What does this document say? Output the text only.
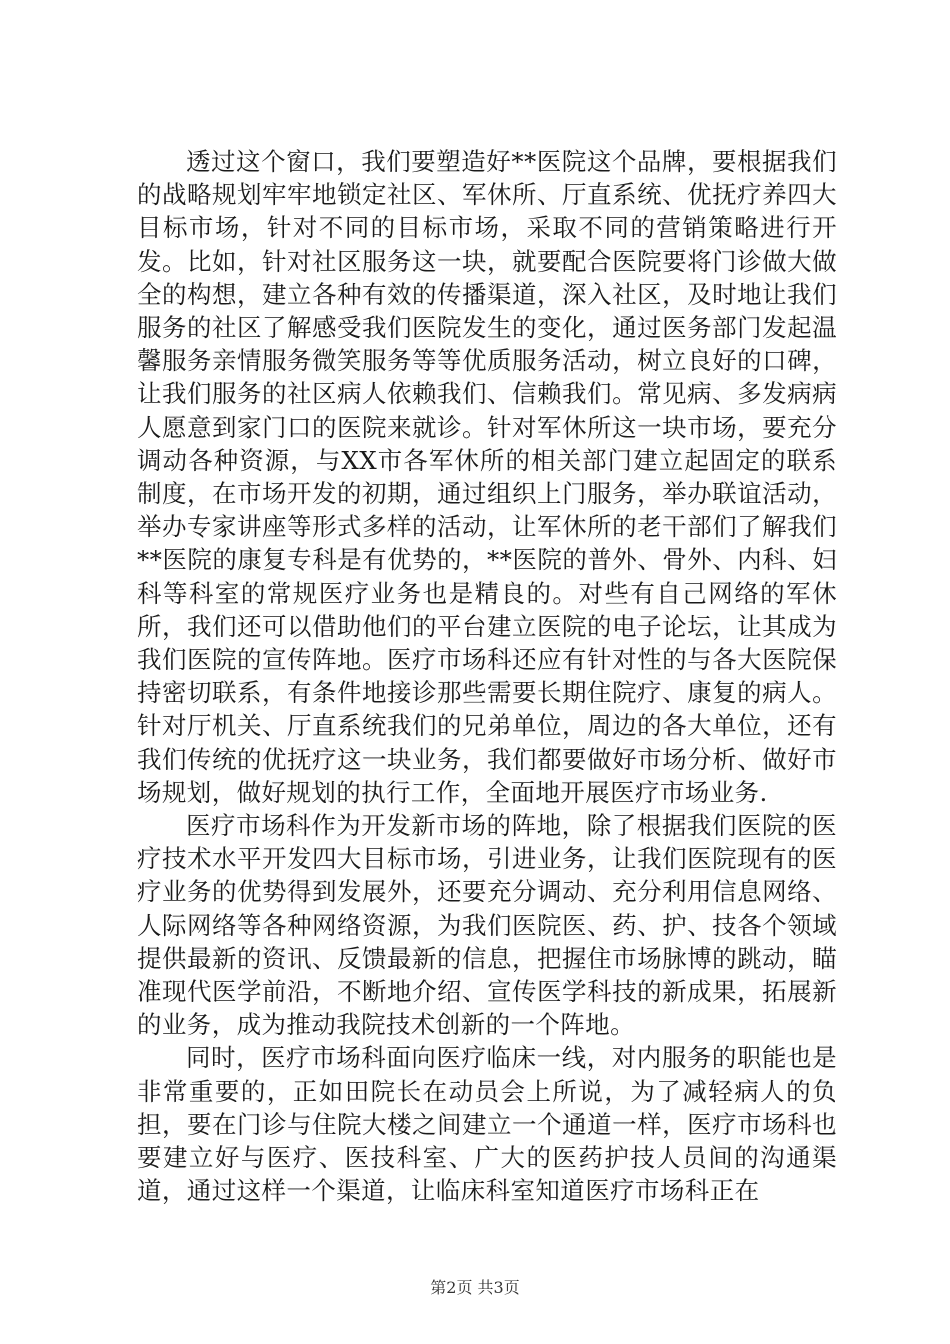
透过这个窗口，我们要塑造好**医院这个品牌，要根据我们的战略规划牢牢地锁定社区、军休所、厅直系统、优抚疗养四大目标市场，针对不同的目标市场，采取不同的营销策略进行开发。比如，针对社区服务这一块，就要配合医院要将门诊做大做全的构想，建立各种有效的传播渠道，深入社区，及时地让我们服务的社区了解感受我们医院发生的变化，通过医务部门发起温馨服务亲情服务微笑服务等等优质服务活动，树立良好的口碑，让我们服务的社区病人依赖我们、信赖我们。常见病、多发病病人愿意到家门口的医院来就诊。针对军休所这一块市场，要充分调动各种资源，与XX市各军休所的相关部门建立起固定的联系制度，在市场开发的初期，通过组织上门服务，举办联谊活动，举办专家讲座等形式多样的活动，让军休所的老干部们了解我们**医院的康复专科是有优势的，**医院的普外、骨外、内科、妇科等科室的常规医疗业务也是精良的。对些有自己网络的军休所，我们还可以借助他们的平台建立医院的电子论坛，让其成为我们医院的宣传阵地。医疗市场科还应有针对性的与各大医院保持密切联系，有条件地接诊那些需要长期住院疗、康复的病人。针对厅机关、厅直系统我们的兄弟单位，周边的各大单位，还有我们传统的优抚疗这一块业务，我们都要做好市场分析、做好市场规划，做好规划的执行工作，全面地开展医疗市场业务.

医疗市场科作为开发新市场的阵地，除了根据我们医院的医疗技术水平开发四大目标市场，引进业务，让我们医院现有的医疗业务的优势得到发展外，还要充分调动、充分利用信息网络、人际网络等各种网络资源，为我们医院医、药、护、技各个领域提供最新的资讯、反馈最新的信息，把握住市场脉博的跳动，瞄准现代医学前沿，不断地介绍、宣传医学科技的新成果，拓展新的业务，成为推动我院技术创新的一个阵地。

同时，医疗市场科面向医疗临床一线，对内服务的职能也是非常重要的，正如田院长在动员会上所说，为了减轻病人的负担，要在门诊与住院大楼之间建立一个通道一样，医疗市场科也要建立好与医疗、医技科室、广大的医药护技人员间的沟通渠道，通过这样一个渠道，让临床科室知道医疗市场科正在

第2页 共3页
